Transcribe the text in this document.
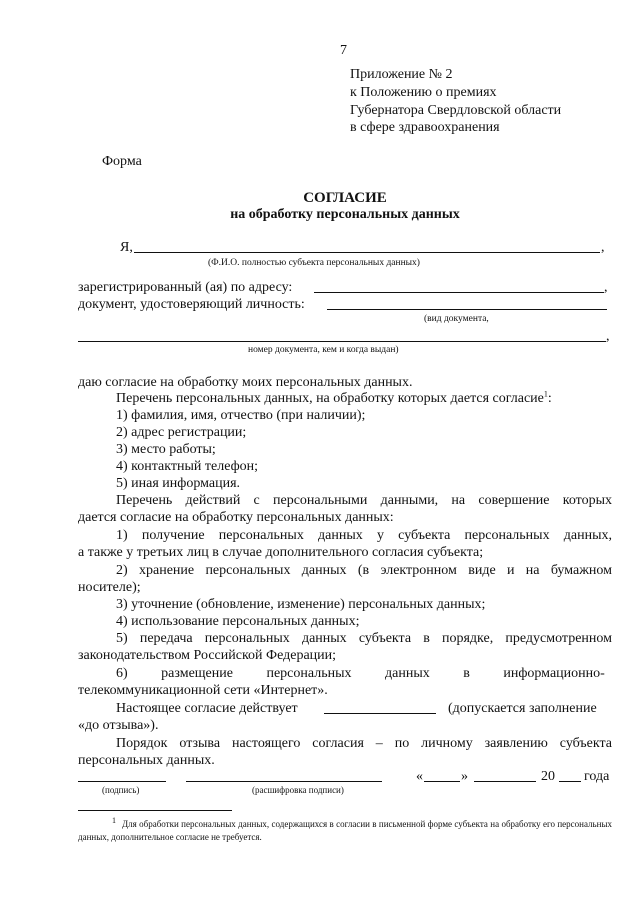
7
Приложение № 2
к Положению о премиях
Губернатора Свердловской области
в сфере здравоохранения
Форма
СОГЛАСИЕ
на обработку персональных данных
Я,	,
(Ф.И.О. полностью субъекта персональных данных)
зарегистрированный (ая) по адресу:	,
документ, удостоверяющий личность:
(вид документа,
,
номер документа, кем и когда выдан)
даю согласие на обработку моих персональных данных.
Перечень персональных данных, на обработку которых дается согласие$^1$:
1) фамилия, имя, отчество (при наличии);
2) адрес регистрации;
3) место работы;
4) контактный телефон;
5) иная информация.
Перечень действий с персональными данными, на совершение которых
дается согласие на обработку персональных данных:
1) получение персональных данных у субъекта персональных данных,
а также у третьих лиц в случае дополнительного согласия субъекта;
2) хранение персональных данных (в электронном виде и на бумажном
носителе);
3) уточнение (обновление, изменение) персональных данных;
4) использование персональных данных;
5) передача персональных данных субъекта в порядке, предусмотренном
законодательством Российской Федерации;
6) размещение персональных данных в информационно-
телекоммуникационной сети «Интернет».
Настоящее согласие действует	(допускается заполнение
«до отзыва»).
Порядок отзыва настоящего согласия – по личному заявлению субъекта
персональных данных.
«	»	20 года
(подпись)	(расшифровка подписи)
$^1$ Для обработки персональных данных, содержащихся в согласии в письменной форме субъекта на обработку его персональных данных, дополнительное согласие не требуется.
